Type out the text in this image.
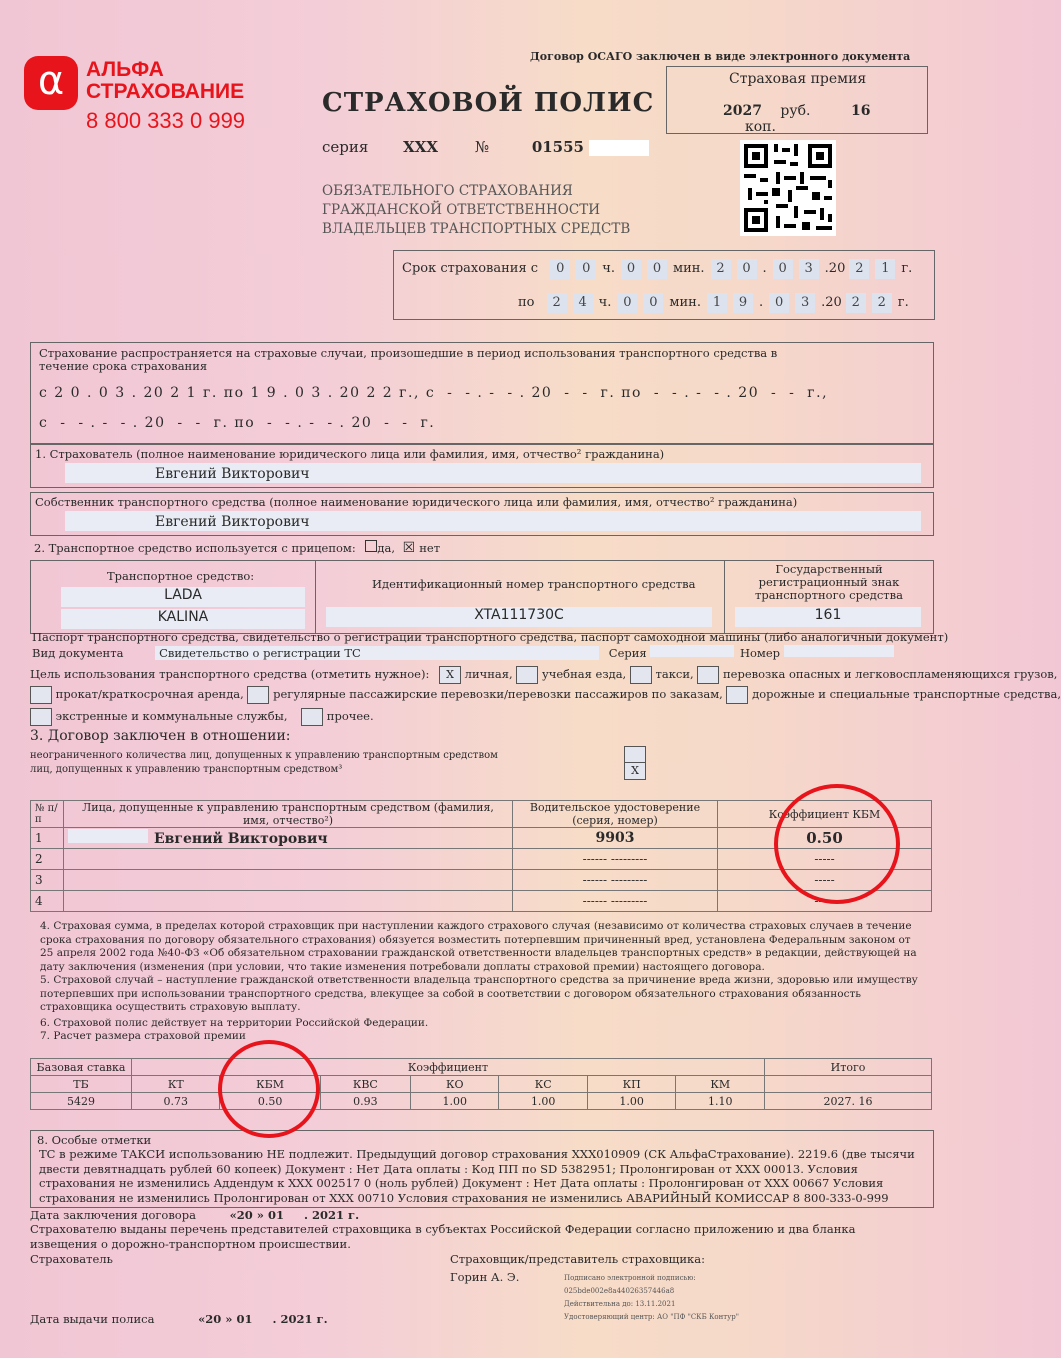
α	АЛЬФА
СТРАХОВАНИЕ
8 800 333 0 999
Договор ОСАГО заключен в виде электронного документа
СТРАХОВОЙ ПОЛИС
серия ХХХ №	01555
ОБЯЗАТЕЛЬНОГО СТРАХОВАНИЯ
ГРАЖДАНСКОЙ ОТВЕТСТВЕННОСТИ
ВЛАДЕЛЬЦЕВ ТРАНСПОРТНЫХ СРЕДСТВ
Страховая премия
2027 руб.	16 коп.
Срок страхования с 0 0 ч. 0 0 мин. 2 0 . 0 3 .20 2 1 г.
по 2 4 ч. 0 0 мин. 1 9 . 0 3 .20 2 2 г.
Страхование распространяется на страховые случаи, произошедшие в период использования транспортного средства в течение срока страхования
с 2 0 . 0 3 . 20 2 1 г. по 1 9 . 0 3 . 20 2 2 г., с  -  - . -  - . 20  -  -  г. по  -  - . -  - . 20  -  -  г.,
с  -  - . -  - . 20  -  -  г. по  -  - . -  - . 20  -  -  г.
1. Страхователь (полное наименование юридического лица или фамилия, имя, отчество² гражданина)
Евгений Викторович
Собственник транспортного средства (полное наименование юридического лица или фамилия, имя, отчество² гражданина)
Евгений Викторович
2. Транспортное средство используется с прицепом: да, ☒ нет
Транспортное средство:
LADA
KALINA
Идентификационный номер транспортного средства
XTA111730C
Государственный регистрационный знак транспортного средства
161
Паспорт транспортного средства, свидетельство о регистрации транспортного средства, паспорт самоходной машины (либо аналогичный документ)
Вид документа	Свидетельство о регистрации ТС	Серия	Номер
Цель использования транспортного средства (отметить нужное): X личная,	учебная езда,	такси,	перевозка опасных и легковоспламеняющихся грузов,
прокат/краткосрочная аренда,	регулярные пассажирские перевозки/перевозки пассажиров по заказам,	дорожные и специальные транспортные средства,
экстренные и коммунальные службы,	прочее.
3. Договор заключен в отношении:
неограниченного количества лиц, допущенных к управлению транспортным средством
лиц, допущенных к управлению транспортным средством³	X
№ п/п	Лица, допущенные к управлению транспортным средством (фамилия, имя, отчество²)	Водительское удостоверение (серия, номер)	Коэффициент КБМ
1	Евгений Викторович	9903	0.50
2		------ ---------	-----
3		------ ---------	-----
4		------ ---------	-----
4. Страховая сумма, в пределах которой страховщик при наступлении каждого страхового случая (независимо от количества страховых случаев в течение срока страхования по договору обязательного страхования) обязуется возместить потерпевшим причиненный вред, установлена Федеральным законом от 25 апреля 2002 года №40-ФЗ «Об обязательном страховании гражданской ответственности владельцев транспортных средств» в редакции, действующей на дату заключения (изменения (при условии, что такие изменения потребовали доплаты страховой премии) настоящего договора.
5. Страховой случай – наступление гражданской ответственности владельца транспортного средства за причинение вреда жизни, здоровью или имуществу потерпевших при использовании транспортного средства, влекущее за собой в соответствии с договором обязательного страхования обязанность страховщика осуществить страховую выплату.
6. Страховой полис действует на территории Российской Федерации.
7. Расчет размера страховой премии
Базовая ставка	Коэффициент							Итого
ТБ	КТ	КБМ	КВС	КО	КС	КП	КМ	
5429	0.73	0.50	0.93	1.00	1.00	1.00	1.10	2027. 16
8. Особые отметки
ТС в режиме ТАКСИ использованию НЕ подлежит. Предыдущий договор страхования ХХХ010909 (СК АльфаСтрахование). 2219.6 (две тысячи двести девятнадцать рублей 60 копеек) Документ : Нет Дата оплаты : Код ПП по SD 5382951; Пролонгирован от ХХХ 00013. Условия страхования не изменились Аддендум к ХХХ 002517 0 (ноль рублей) Документ : Нет Дата оплаты : Пролонгирован от ХХХ 00667 Условия страхования не изменились Пролонгирован от ХХХ 00710 Условия страхования не изменились АВАРИЙНЫЙ КОМИССАР 8 800-333-0-999
Дата заключения договора	«20 » 01     . 2021 г.
Страхователю выданы перечень представителей страховщика в субъектах Российской Федерации согласно приложению и два бланка извещения о дорожно-транспортном происшествии.
Страхователь	Страховщик/представитель страховщика:
Горин А. Э.	Подписано электронной подписью:
025bde002e8a44026357446a8
Действительна до: 13.11.2021
Удостоверяющий центр: АО "ПФ "СКБ Контур"
Дата выдачи полиса	«20 » 01     . 2021 г.
